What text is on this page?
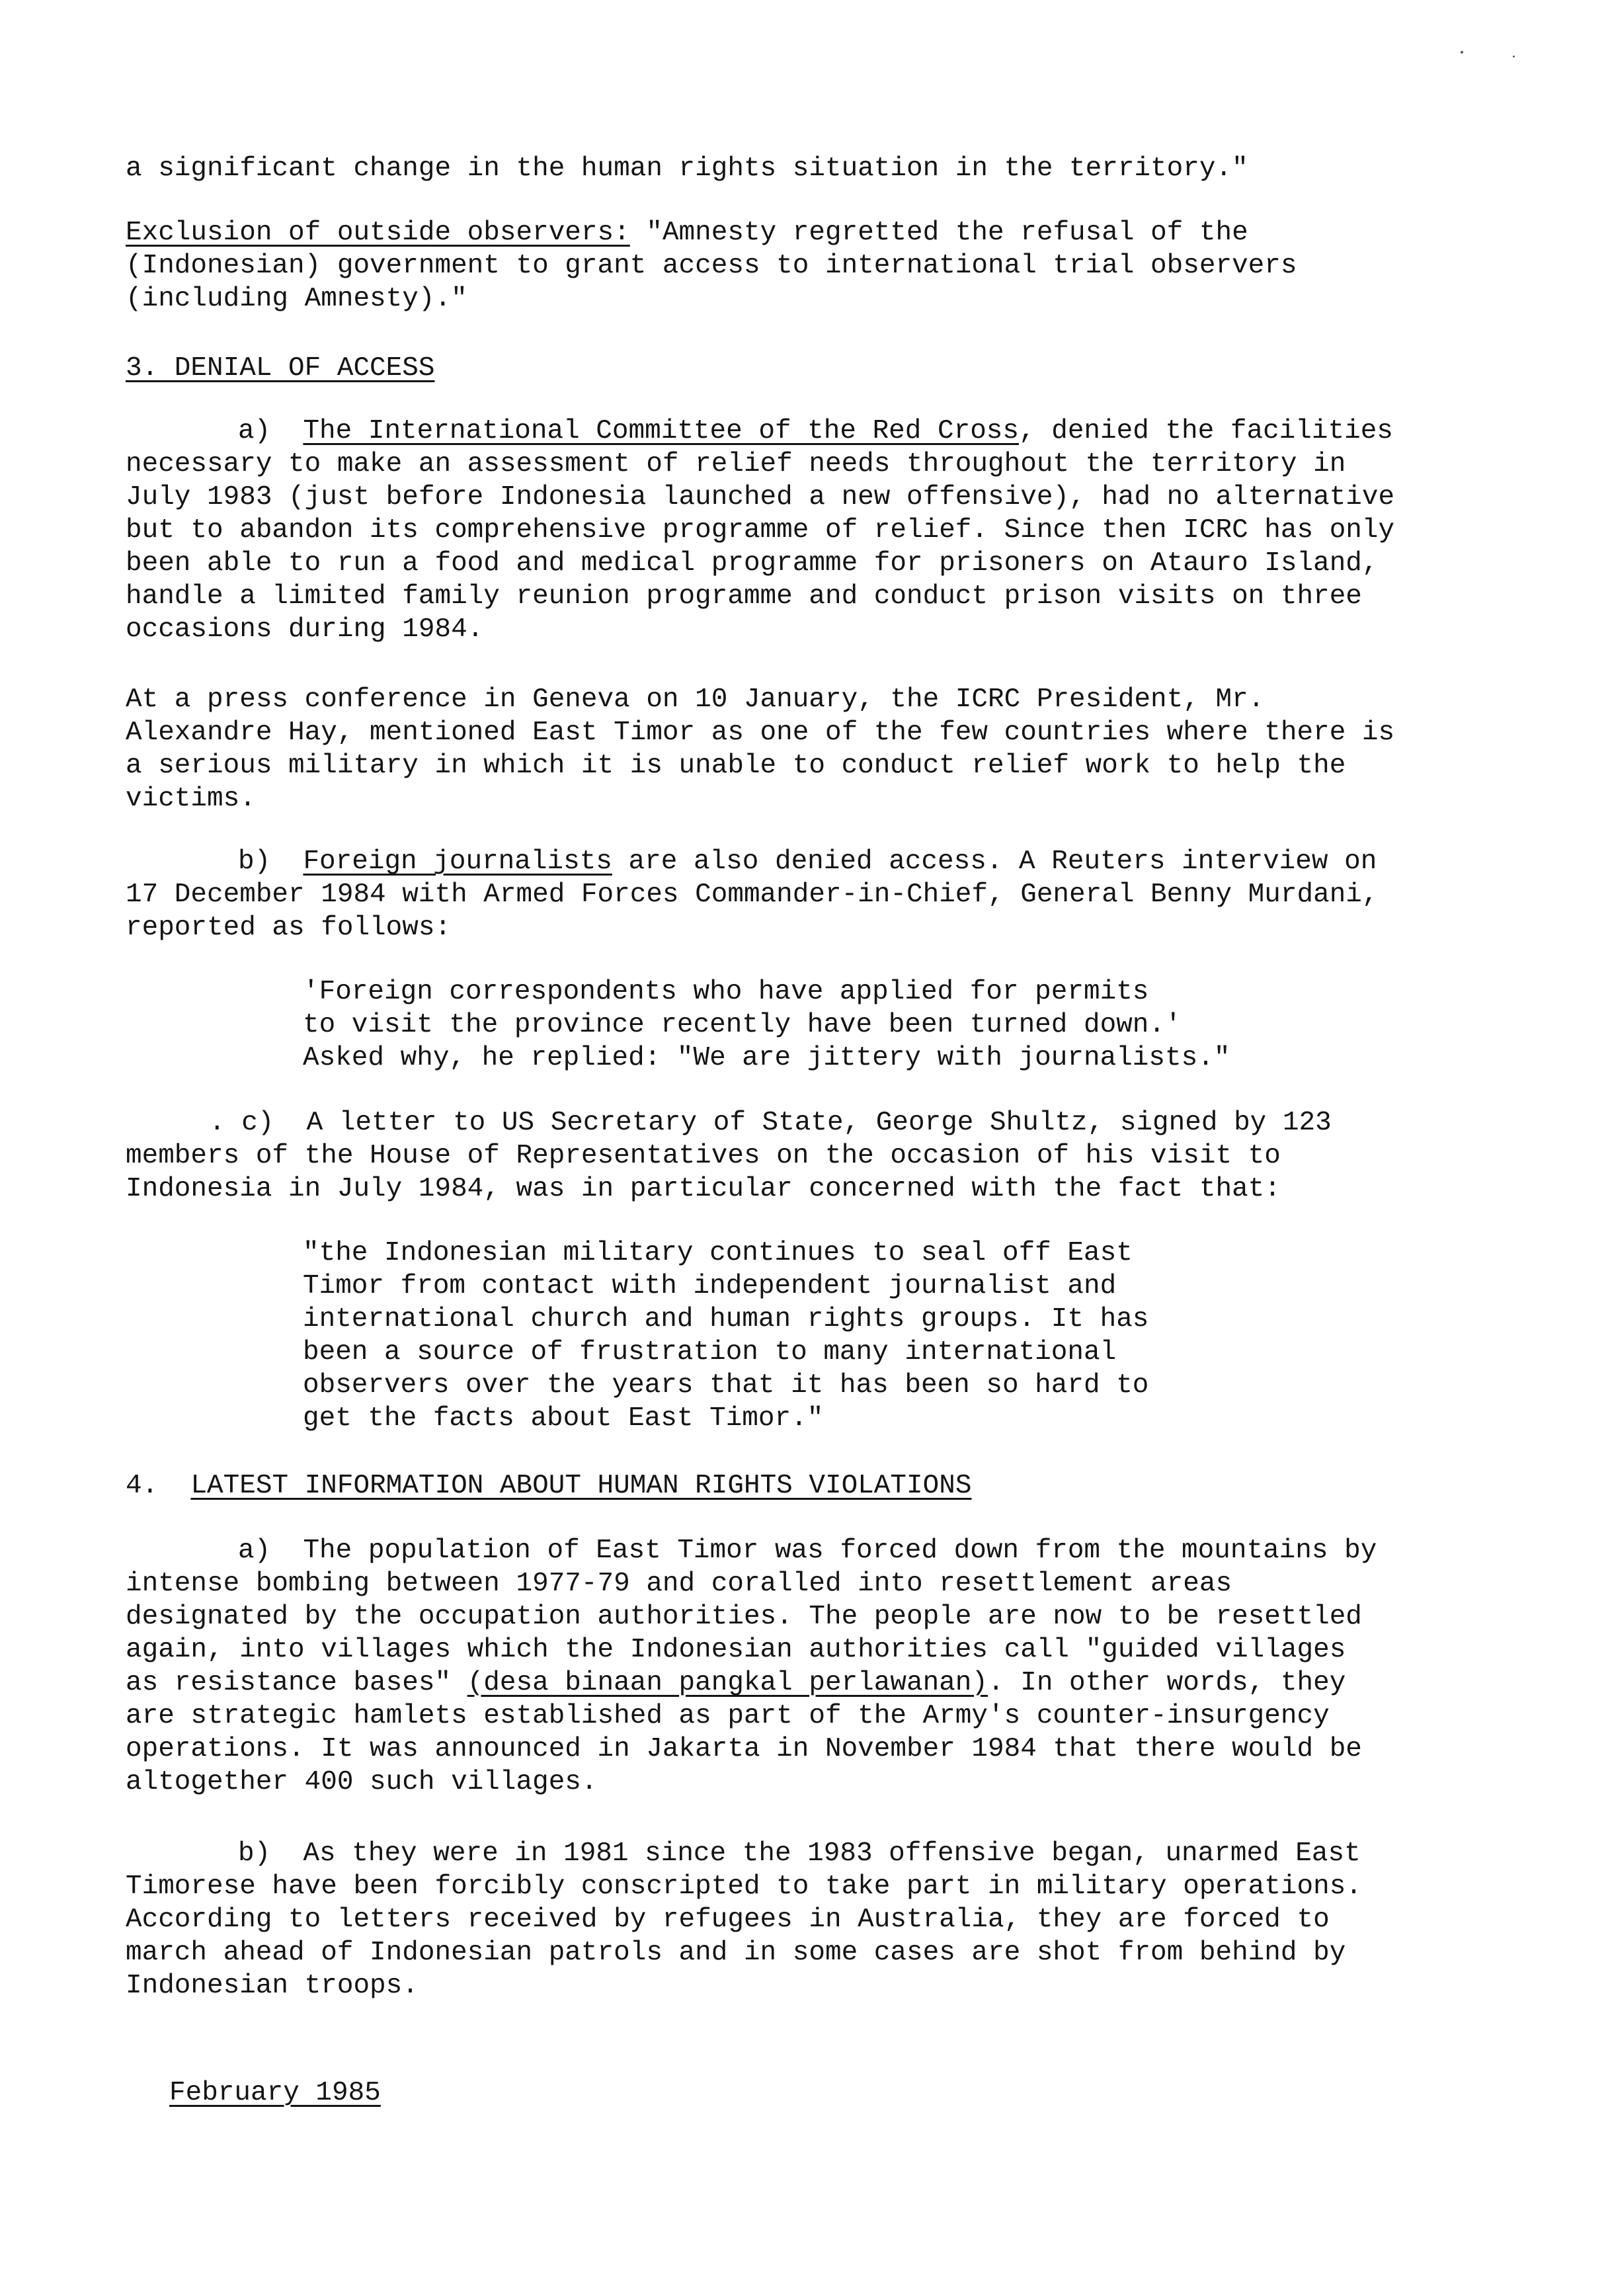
a significant change in the human rights situation in the territory."
Exclusion of outside observers: "Amnesty regretted the refusal of the
(Indonesian) government to grant access to international trial observers
(including Amnesty)."
3. DENIAL OF ACCESS
a) The International Committee of the Red Cross, denied the facilities
necessary to make an assessment of relief needs throughout the territory in
July 1983 (just before Indonesia launched a new offensive), had no alternative
but to abandon its comprehensive programme of relief. Since then ICRC has only
been able to run a food and medical programme for prisoners on Atauro Island,
handle a limited family reunion programme and conduct prison visits on three
occasions during 1984.
At a press conference in Geneva on 10 January, the ICRC President, Mr.
Alexandre Hay, mentioned East Timor as one of the few countries where there is
a serious military in which it is unable to conduct relief work to help the
victims.
b) Foreign journalists are also denied access. A Reuters interview on
17 December 1984 with Armed Forces Commander-in-Chief, General Benny Murdani,
reported as follows:
'Foreign correspondents who have applied for permits
to visit the province recently have been turned down.'
Asked why, he replied: "We are jittery with journalists."
. c) A letter to US Secretary of State, George Shultz, signed by 123
members of the House of Representatives on the occasion of his visit to
Indonesia in July 1984, was in particular concerned with the fact that:
"the Indonesian military continues to seal off East
Timor from contact with independent journalist and
international church and human rights groups. It has
been a source of frustration to many international
observers over the years that it has been so hard to
get the facts about East Timor."
4. LATEST INFORMATION ABOUT HUMAN RIGHTS VIOLATIONS
a) The population of East Timor was forced down from the mountains by
intense bombing between 1977-79 and coralled into resettlement areas
designated by the occupation authorities. The people are now to be resettled
again, into villages which the Indonesian authorities call "guided villages
as resistance bases" (desa binaan pangkal perlawanan). In other words, they
are strategic hamlets established as part of the Army's counter-insurgency
operations. It was announced in Jakarta in November 1984 that there would be
altogether 400 such villages.
b) As they were in 1981 since the 1983 offensive began, unarmed East
Timorese have been forcibly conscripted to take part in military operations.
According to letters received by refugees in Australia, they are forced to
march ahead of Indonesian patrols and in some cases are shot from behind by
Indonesian troops.
February 1985
